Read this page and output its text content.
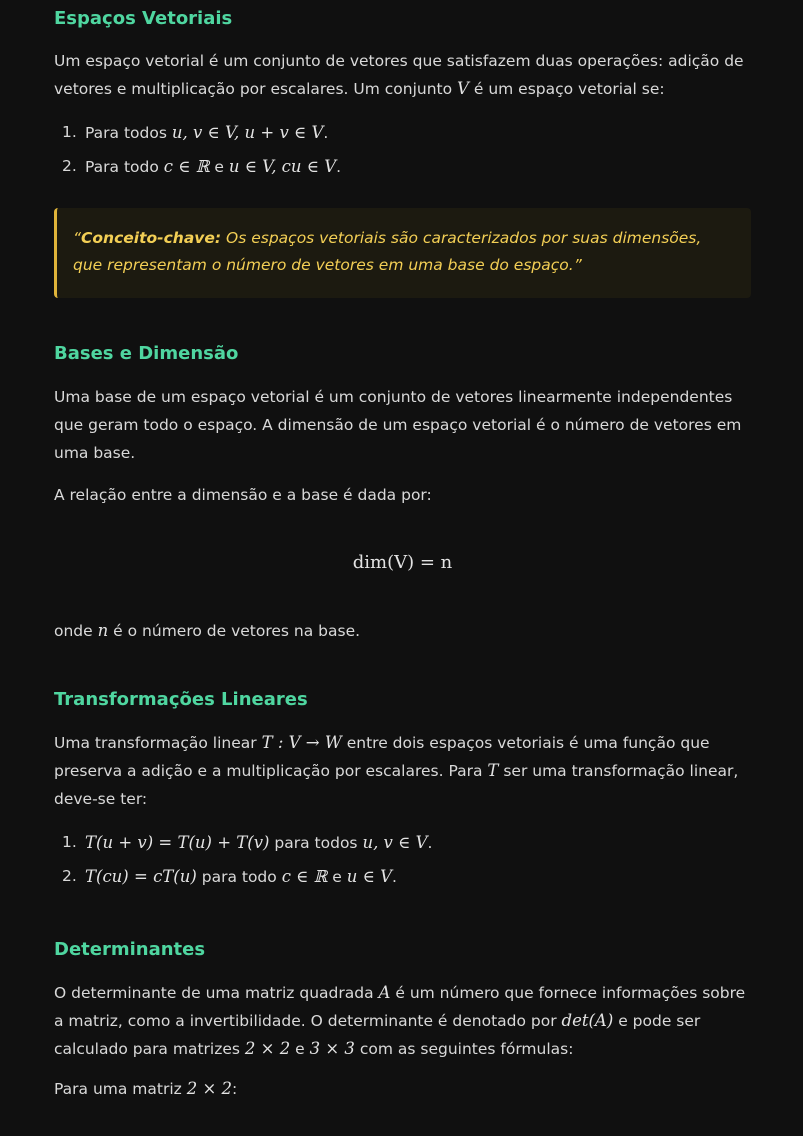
Espaços Vetoriais

Um espaço vetorial é um conjunto de vetores que satisfazem duas operações: adição de vetores e multiplicação por escalares. Um conjunto V é um espaço vetorial se:

1. Para todos u, v ∈ V, u + v ∈ V.
2. Para todo c ∈ ℝ e u ∈ V, cu ∈ V.
“Conceito-chave: Os espaços vetoriais são caracterizados por suas dimensões, que representam o número de vetores em uma base do espaço.”
Bases e Dimensão

Uma base de um espaço vetorial é um conjunto de vetores linearmente independentes que geram todo o espaço. A dimensão de um espaço vetorial é o número de vetores em uma base.

A relação entre a dimensão e a base é dada por:

dim(V) = n

onde n é o número de vetores na base.

Transformações Lineares

Uma transformação linear T : V → W entre dois espaços vetoriais é uma função que preserva a adição e a multiplicação por escalares. Para T ser uma transformação linear, deve-se ter:

1. T(u + v) = T(u) + T(v) para todos u, v ∈ V.
2. T(cu) = cT(u) para todo c ∈ ℝ e u ∈ V.
Determinantes

O determinante de uma matriz quadrada A é um número que fornece informações sobre a matriz, como a invertibilidade. O determinante é denotado por det(A) e pode ser calculado para matrizes 2 × 2 e 3 × 3 com as seguintes fórmulas:

Para uma matriz 2 × 2:
